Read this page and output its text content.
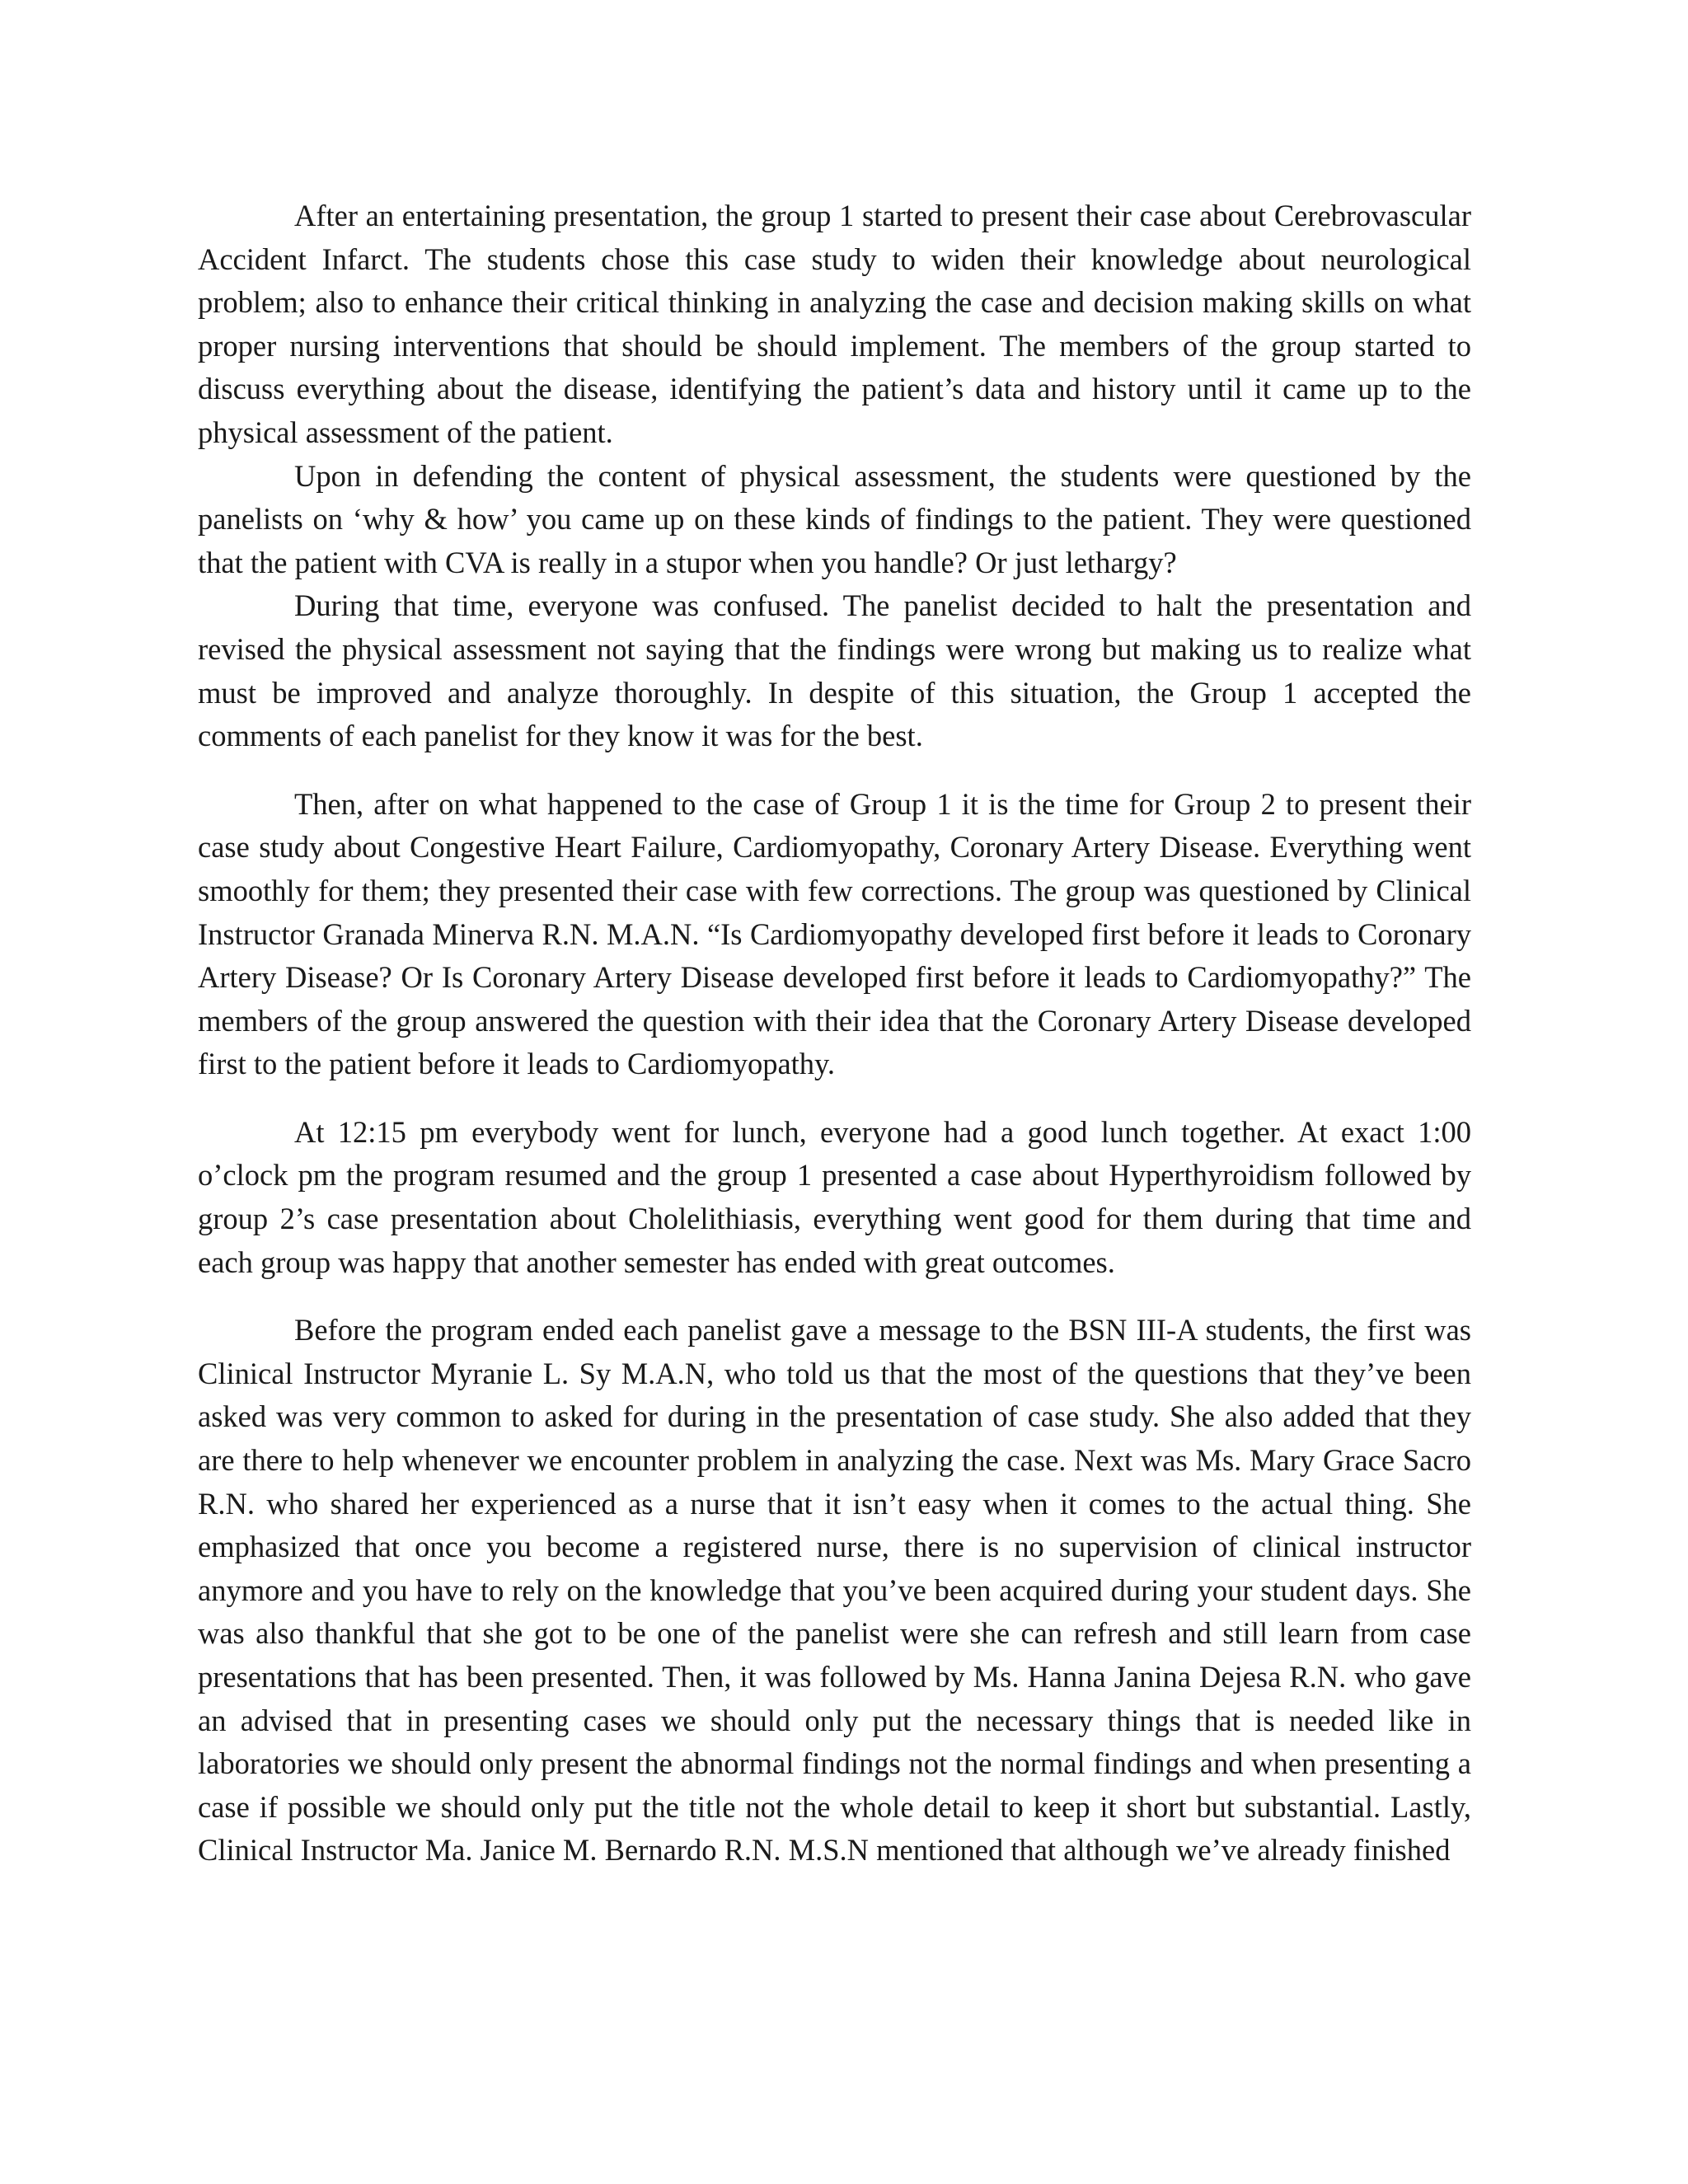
After an entertaining presentation, the group 1 started to present their case about Cerebrovascular Accident Infarct. The students chose this case study to widen their knowledge about neurological problem; also to enhance their critical thinking in analyzing the case and decision making skills on what proper nursing interventions that should be should implement. The members of the group started to discuss everything about the disease, identifying the patient’s data and history until it came up to the physical assessment of the patient.

Upon in defending the content of physical assessment, the students were questioned by the panelists on ‘why & how’ you came up on these kinds of findings to the patient. They were questioned that the patient with CVA is really in a stupor when you handle? Or just lethargy?

During that time, everyone was confused. The panelist decided to halt the presentation and revised the physical assessment not saying that the findings were wrong but making us to realize what must be improved and analyze thoroughly. In despite of this situation, the Group 1 accepted the comments of each panelist for they know it was for the best.

Then, after on what happened to the case of Group 1 it is the time for Group 2 to present their case study about Congestive Heart Failure, Cardiomyopathy, Coronary Artery Disease. Everything went smoothly for them; they presented their case with few corrections. The group was questioned by Clinical Instructor Granada Minerva R.N. M.A.N. “Is Cardiomyopathy developed first before it leads to Coronary Artery Disease? Or Is Coronary Artery Disease developed first before it leads to Cardiomyopathy?” The members of the group answered the question with their idea that the Coronary Artery Disease developed first to the patient before it leads to Cardiomyopathy.

At 12:15 pm everybody went for lunch, everyone had a good lunch together. At exact 1:00 o’clock pm the program resumed and the group 1 presented a case about Hyperthyroidism followed by group 2’s case presentation about Cholelithiasis, everything went good for them during that time and each group was happy that another semester has ended with great outcomes.

Before the program ended each panelist gave a message to the BSN III-A students, the first was Clinical Instructor Myranie L. Sy M.A.N, who told us that the most of the questions that they’ve been asked was very common to asked for during in the presentation of case study. She also added that they are there to help whenever we encounter problem in analyzing the case. Next was Ms. Mary Grace Sacro R.N. who shared her experienced as a nurse that it isn’t easy when it comes to the actual thing. She emphasized that once you become a registered nurse, there is no supervision of clinical instructor anymore and you have to rely on the knowledge that you’ve been acquired during your student days. She was also thankful that she got to be one of the panelist were she can refresh and still learn from case presentations that has been presented. Then, it was followed by Ms. Hanna Janina Dejesa R.N. who gave an advised that in presenting cases we should only put the necessary things that is needed like in laboratories we should only present the abnormal findings not the normal findings and when presenting a case if possible we should only put the title not the whole detail to keep it short but substantial. Lastly, Clinical Instructor Ma. Janice M. Bernardo R.N. M.S.N mentioned that although we’ve already finished
